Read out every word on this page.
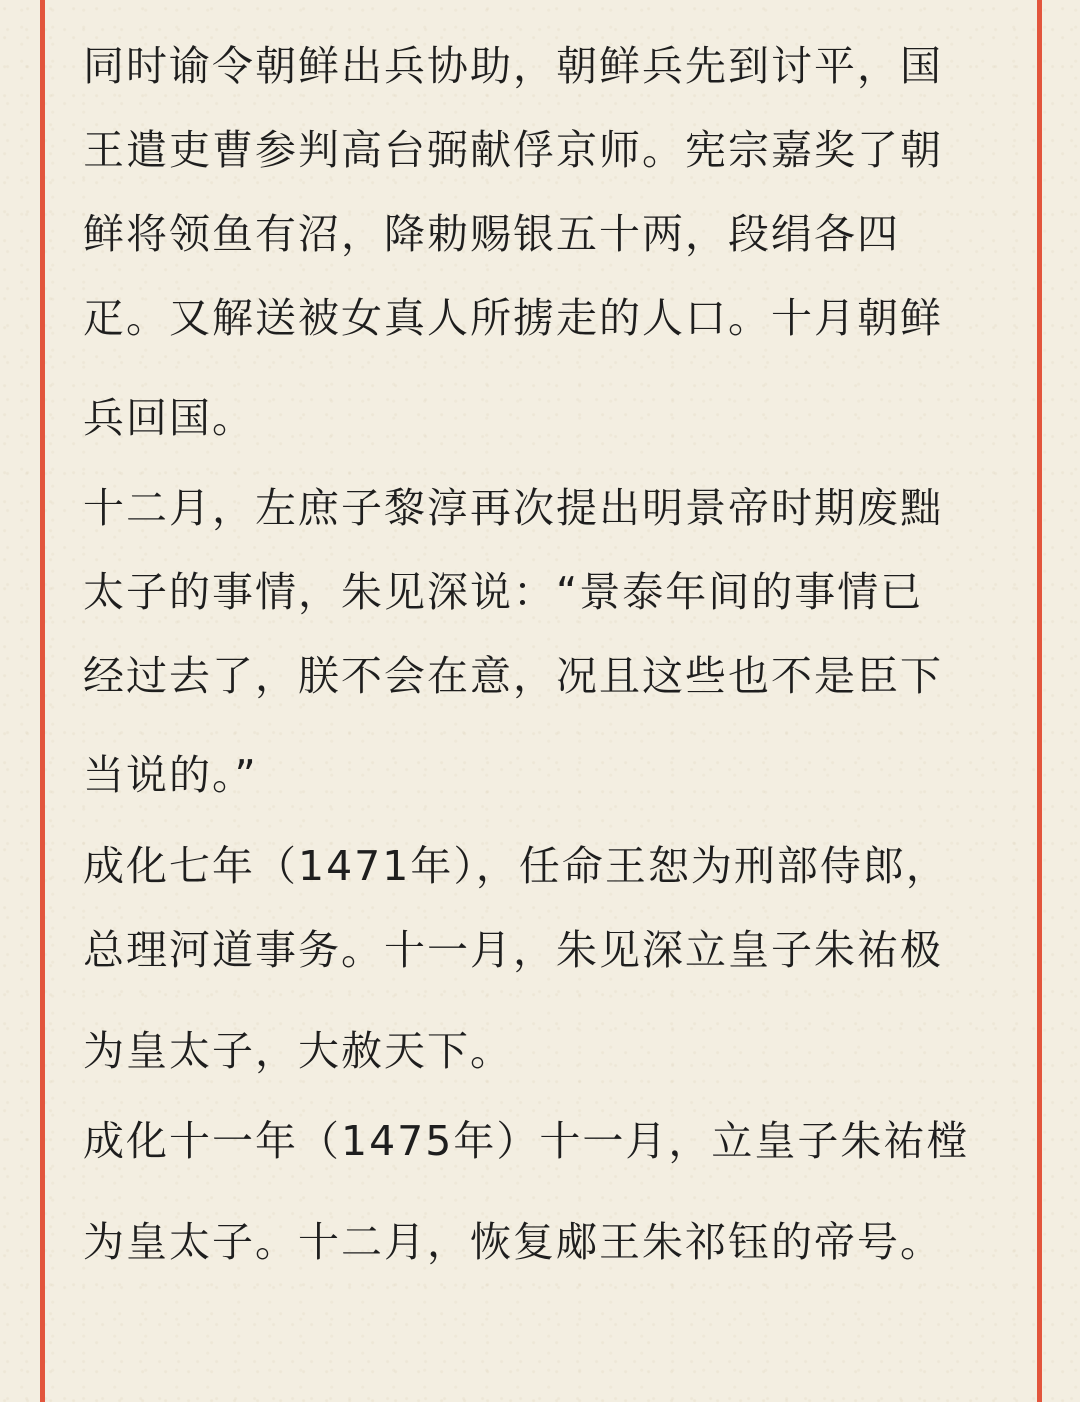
同时谕令朝鲜出兵协助，朝鲜兵先到讨平，国

王遣吏曹参判高台弼献俘京师。宪宗嘉奖了朝

鲜将领鱼有沼，降勅赐银五十两，段绢各四

疋。又解送被女真人所掳走的人口。十月朝鲜

兵回国。

十二月，左庶子黎淳再次提出明景帝时期废黜

太子的事情，朱见深说：“景泰年间的事情已

经过去了，朕不会在意，况且这些也不是臣下

当说的。”

成化七年（1471年），任命王恕为刑部侍郎，

总理河道事务。十一月，朱见深立皇子朱祐极

为皇太子，大赦天下。

成化十一年（1475年）十一月，立皇子朱祐樘

为皇太子。十二月，恢复郕王朱祁钰的帝号。
